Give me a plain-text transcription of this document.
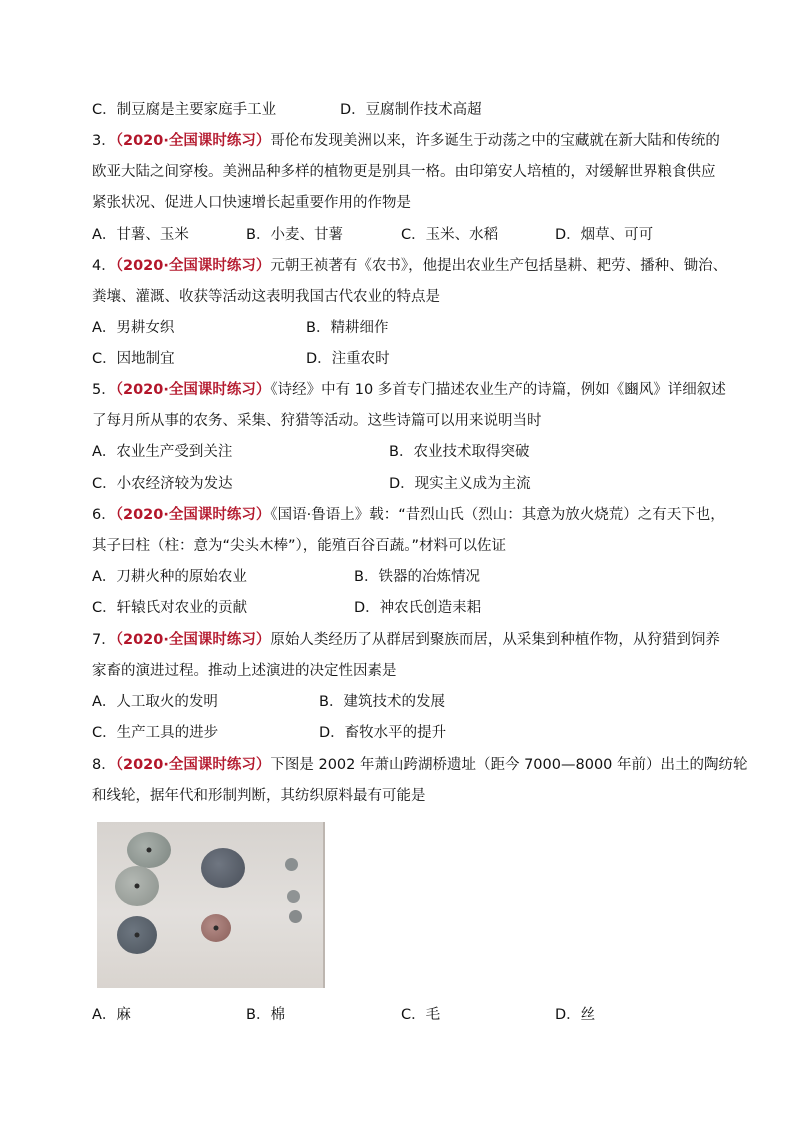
C．制豆腐是主要家庭手工业	D．豆腐制作技术高超
3．（2020·全国课时练习）哥伦布发现美洲以来，许多诞生于动荡之中的宝藏就在新大陆和传统的
欧亚大陆之间穿梭。美洲品种多样的植物更是别具一格。由印第安人培植的，对缓解世界粮食供应
紧张状况、促进人口快速增长起重要作用的作物是
A．甘薯、玉米	B．小麦、甘薯	C．玉米、水稻	D．烟草、可可
4．（2020·全国课时练习）元朝王祯著有《农书》，他提出农业生产包括垦耕、耙劳、播种、锄治、
粪壤、灌溉、收获等活动这表明我国古代农业的特点是
A．男耕女织	B．精耕细作
C．因地制宜	D．注重农时
5．（2020·全国课时练习）《诗经》中有 10 多首专门描述农业生产的诗篇，例如《豳风》详细叙述
了每月所从事的农务、采集、狩猎等活动。这些诗篇可以用来说明当时
A．农业生产受到关注	B．农业技术取得突破
C．小农经济较为发达	D．现实主义成为主流
6．（2020·全国课时练习）《国语·鲁语上》载：“昔烈山氏（烈山：其意为放火烧荒）之有天下也，
其子曰柱（柱：意为“尖头木棒”），能殖百谷百蔬。”材料可以佐证
A．刀耕火种的原始农业	B．铁器的冶炼情况
C．轩辕氏对农业的贡献	D．神农氏创造耒耜
7．（2020·全国课时练习）原始人类经历了从群居到聚族而居，从采集到种植作物，从狩猎到饲养
家畜的演进过程。推动上述演进的决定性因素是
A．人工取火的发明	B．建筑技术的发展
C．生产工具的进步	D．畜牧水平的提升
8．（2020·全国课时练习）下图是 2002 年萧山跨湖桥遗址（距今 7000—8000 年前）出土的陶纺轮
和线轮，据年代和形制判断，其纺织原料最有可能是
A．麻	B．棉	C．毛	D．丝
